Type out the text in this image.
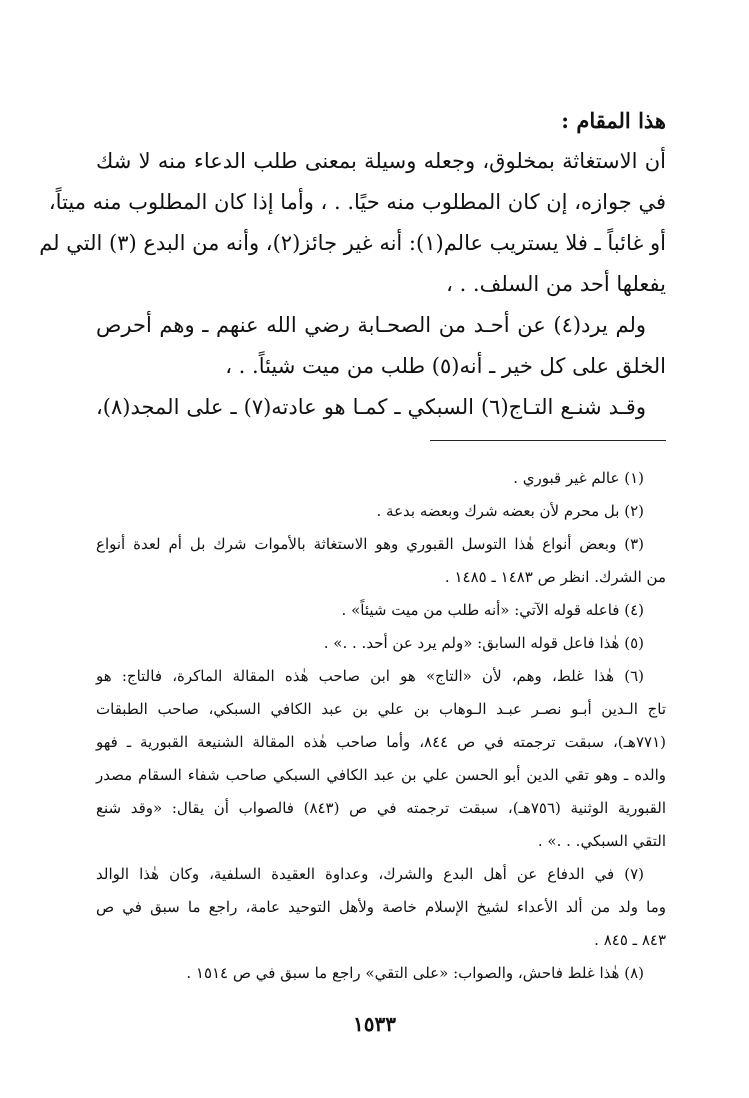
هذا المقام :
أن الاستغاثة بمخلوق، وجعله وسيلة بمعنى طلب الدعاء منه لا شك
في جوازه، إن كان المطلوب منه حيًا. . ، وأما إذا كان المطلوب منه ميتاً،
أو غائباً ـ فلا يستريب عالم(١): أنه غير جائز(٢)، وأنه من البدع (٣) التي لم
يفعلها أحد من السلف. . ،
ولم يرد(٤) عن أحـد من الصحـابة رضي الله عنهم ـ وهم أحرص
الخلق على كل خير ـ أنه(٥) طلب من ميت شيئاً. . ،
وقـد شنـع التـاج(٦) السبكي ـ كمـا هو عادته(٧) ـ على المجد(٨)،
(١) عالم غير قبوري .
(٢) بل محرم لأن بعضه شرك وبعضه بدعة .
(٣) وبعض أنواع هٰذا التوسل القبوري وهو الاستغاثة بالأموات شرك بل أم لعدة أنواع
من الشرك. انظر ص ١٤٨٣ ـ ١٤٨٥ .
(٤) فاعله قوله الآتي: «أنه طلب من ميت شيئاً» .
(٥) هٰذا فاعل قوله السابق: «ولم يرد عن أحد. . .» .
(٦) هٰذا غلط، وهم، لأن «التاج» هو ابن صاحب هٰذه المقالة الماكرة، فالتاج: هو
تاج الـدين أبـو نصـر عبـد الـوهاب بن علي بن عبد الكافي السبكي، صاحب الطبقات
(٧٧١هـ)، سبقت ترجمته في ص ٨٤٤، وأما صاحب هٰذه المقالة الشنيعة القبورية ـ فهو
والده ـ وهو تقي الدين أبو الحسن علي بن عبد الكافي السبكي صاحب شفاء السقام مصدر
القبورية الوثنية (٧٥٦هـ)، سبقت ترجمته في ص (٨٤٣) فالصواب أن يقال: «وقد شنع
التقي السبكي. . .» .
(٧) في الدفاع عن أهل البدع والشرك، وعداوة العقيدة السلفية، وكان هٰذا الوالد
وما ولد من ألد الأعداء لشيخ الإسلام خاصة ولأهل التوحيد عامة، راجع ما سبق في ص
٨٤٣ ـ ٨٤٥ .
(٨) هٰذا غلط فاحش، والصواب: «على التقي» راجع ما سبق في ص ١٥١٤ .
١٥٣٣
